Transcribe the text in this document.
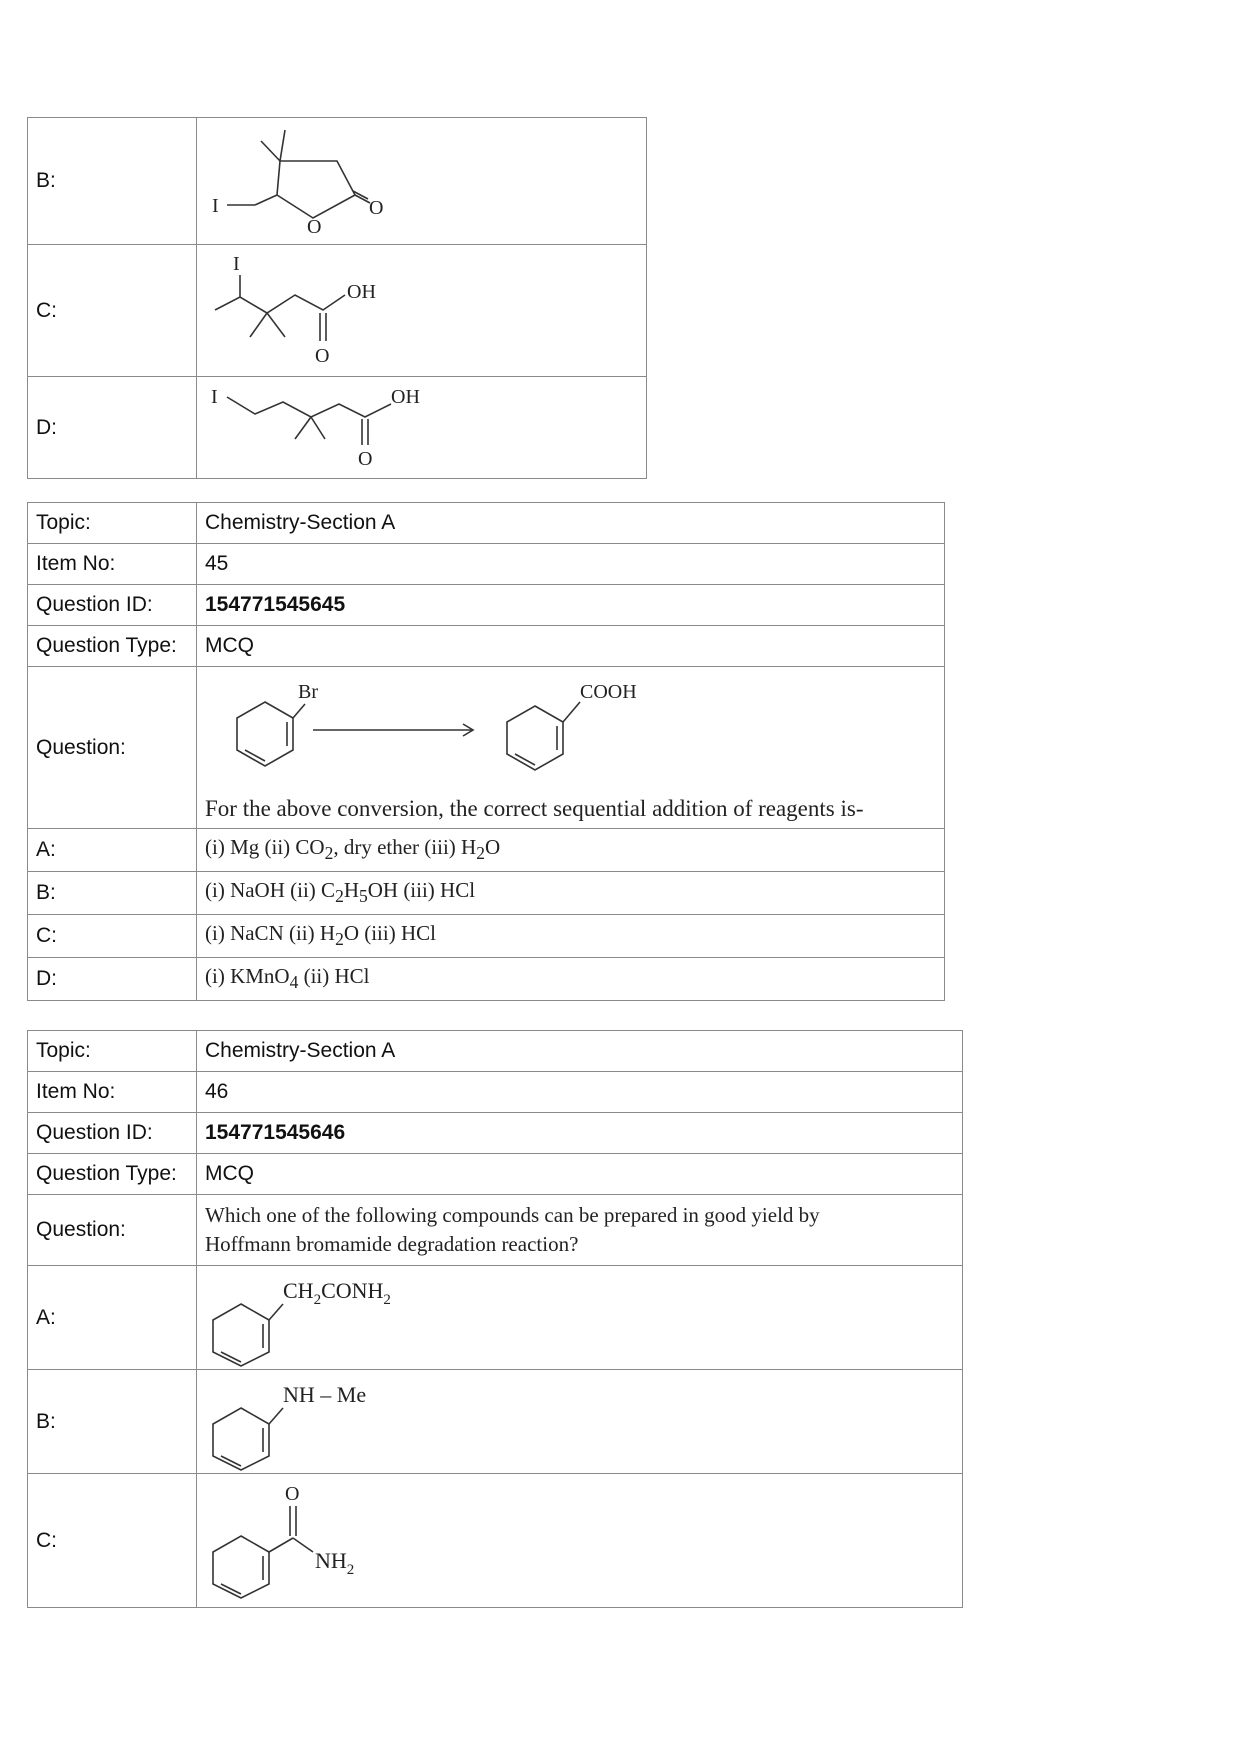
B:	I
O
O

C:	I
OH
O

D:	I OH
O
Topic:	Chemistry-Section A
Item No:	45
Question ID:	154771545645
Question Type:	MCQ
Question:	Br COOH
For the above conversion, the correct sequential addition of reagents is-

A:	(i) Mg (ii) $CO_2$, dry ether (iii) $H_2O$
B:	(i) NaOH (ii) $C_2H_5OH$ (iii) HCl
C:	(i) NaCN (ii) $H_2O$ (iii) HCl
D:	(i) KMnO$_4$ (ii) HCl
Topic:	Chemistry-Section A
Item No:	46
Question ID:	154771545646
Question Type:	MCQ
Question:	Which one of the following compounds can be prepared in good yield by
Hoffmann bromamide degradation reaction?

A:	$CH_2CONH_2$

B:	NH – Me

C:	O
$NH_2$
